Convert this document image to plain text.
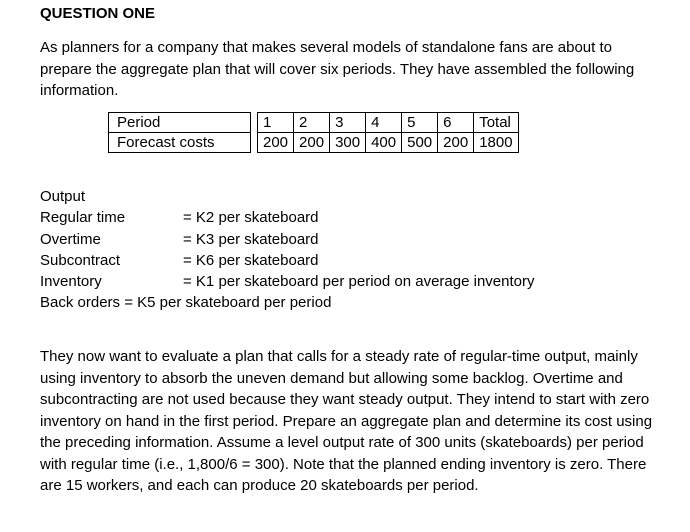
QUESTION ONE

As planners for a company that makes several models of standalone fans are about to prepare the aggregate plan that will cover six periods. They have assembled the following information.

Period		1	2	3	4	5	6	Total
Forecast costs		200	200	300	400	500	200	1800
Output
Regular time	= K2 per skateboard
Overtime	= K3 per skateboard
Subcontract	= K6 per skateboard
Inventory	= K1 per skateboard per period on average inventory
Back orders = K5 per skateboard per period

They now want to evaluate a plan that calls for a steady rate of regular-time output, mainly using inventory to absorb the uneven demand but allowing some backlog. Overtime and subcontracting are not used because they want steady output. They intend to start with zero inventory on hand in the first period. Prepare an aggregate plan and determine its cost using the preceding information. Assume a level output rate of 300 units (skateboards) per period with regular time (i.e., 1,800/6 = 300). Note that the planned ending inventory is zero. There are 15 workers, and each can produce 20 skateboards per period.
